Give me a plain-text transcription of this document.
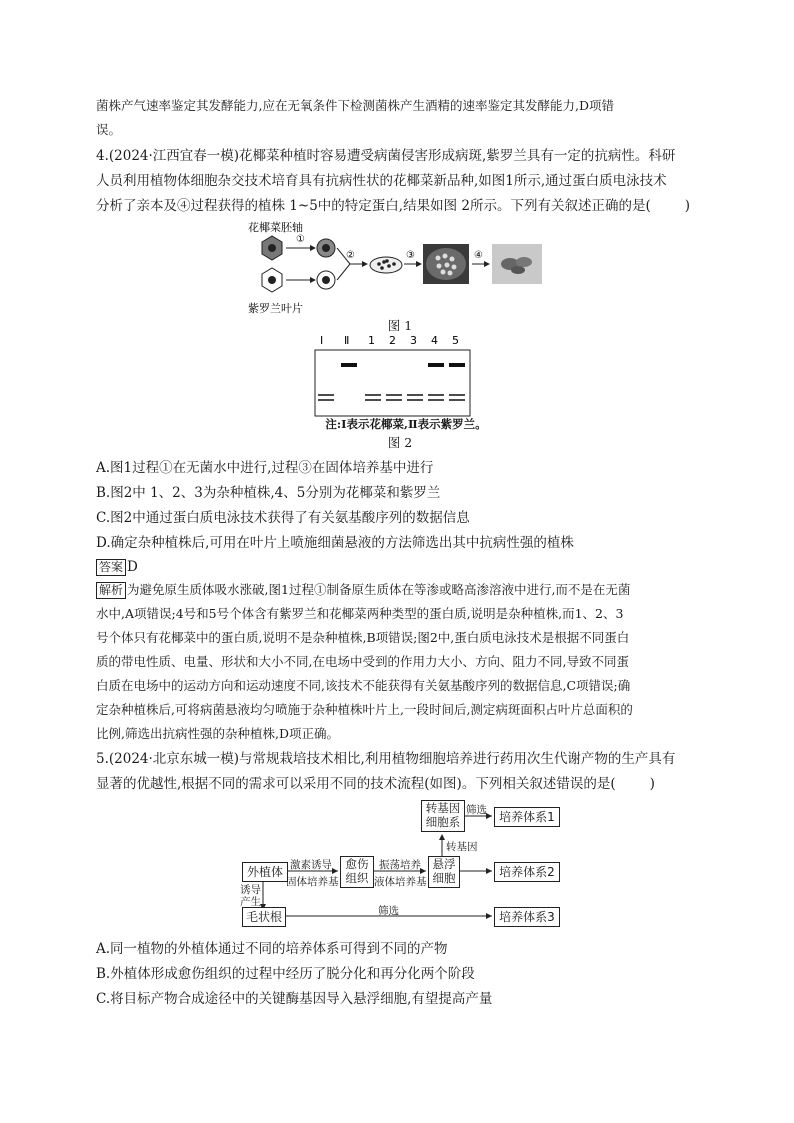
菌株产气速率鉴定其发酵能力,应在无氧条件下检测菌株产生酒精的速率鉴定其发酵能力,D项错
误。
4.(2024·江西宜春一模)花椰菜种植时容易遭受病菌侵害形成病斑,紫罗兰具有一定的抗病性。科研
人员利用植物体细胞杂交技术培育具有抗病性状的花椰菜新品种,如图1所示,通过蛋白质电泳技术
分析了亲本及④过程获得的植株 1~5中的特定蛋白,结果如图 2所示。下列有关叙述正确的是(	)
花椰菜胚轴
紫罗兰叶片
①
②	③	④
图 1
Ⅰ Ⅱ 1 2 3 4 5
注:Ⅰ表示花椰菜,Ⅱ表示紫罗兰。
图 2
A.图1过程①在无菌水中进行,过程③在固体培养基中进行
B.图2中 1、2、3为杂种植株,4、5分别为花椰菜和紫罗兰
C.图2中通过蛋白质电泳技术获得了有关氨基酸序列的数据信息
D.确定杂种植株后,可用在叶片上喷施细菌悬液的方法筛选出其中抗病性强的植株
答案 D
解析 为避免原生质体吸水涨破,图1过程①制备原生质体在等渗或略高渗溶液中进行,而不是在无菌
水中,A项错误;4号和5号个体含有紫罗兰和花椰菜两种类型的蛋白质,说明是杂种植株,而1、2、3
号个体只有花椰菜中的蛋白质,说明不是杂种植株,B项错误;图2中,蛋白质电泳技术是根据不同蛋白
质的带电性质、电量、形状和大小不同,在电场中受到的作用力大小、方向、阻力不同,导致不同蛋
白质在电场中的运动方向和运动速度不同,该技术不能获得有关氨基酸序列的数据信息,C项错误;确
定杂种植株后,可将病菌悬液均匀喷施于杂种植株叶片上,一段时间后,测定病斑面积占叶片总面积的
比例,筛选出抗病性强的杂种植株,D项正确。
5.(2024·北京东城一模)与常规栽培技术相比,利用植物细胞培养进行药用次生代谢产物的生产具有
显著的优越性,根据不同的需求可以采用不同的技术流程(如图)。下列相关叙述错误的是(	)
外植体
愈伤组织
悬浮细胞
转基因细胞系	培养体系1
培养体系2
毛状根	培养体系3
激素诱导
固体培养基
振荡培养
液体培养基
转基因
筛选
筛选
诱导产生
A.同一植物的外植体通过不同的培养体系可得到不同的产物
B.外植体形成愈伤组织的过程中经历了脱分化和再分化两个阶段
C.将目标产物合成途径中的关键酶基因导入悬浮细胞,有望提高产量
